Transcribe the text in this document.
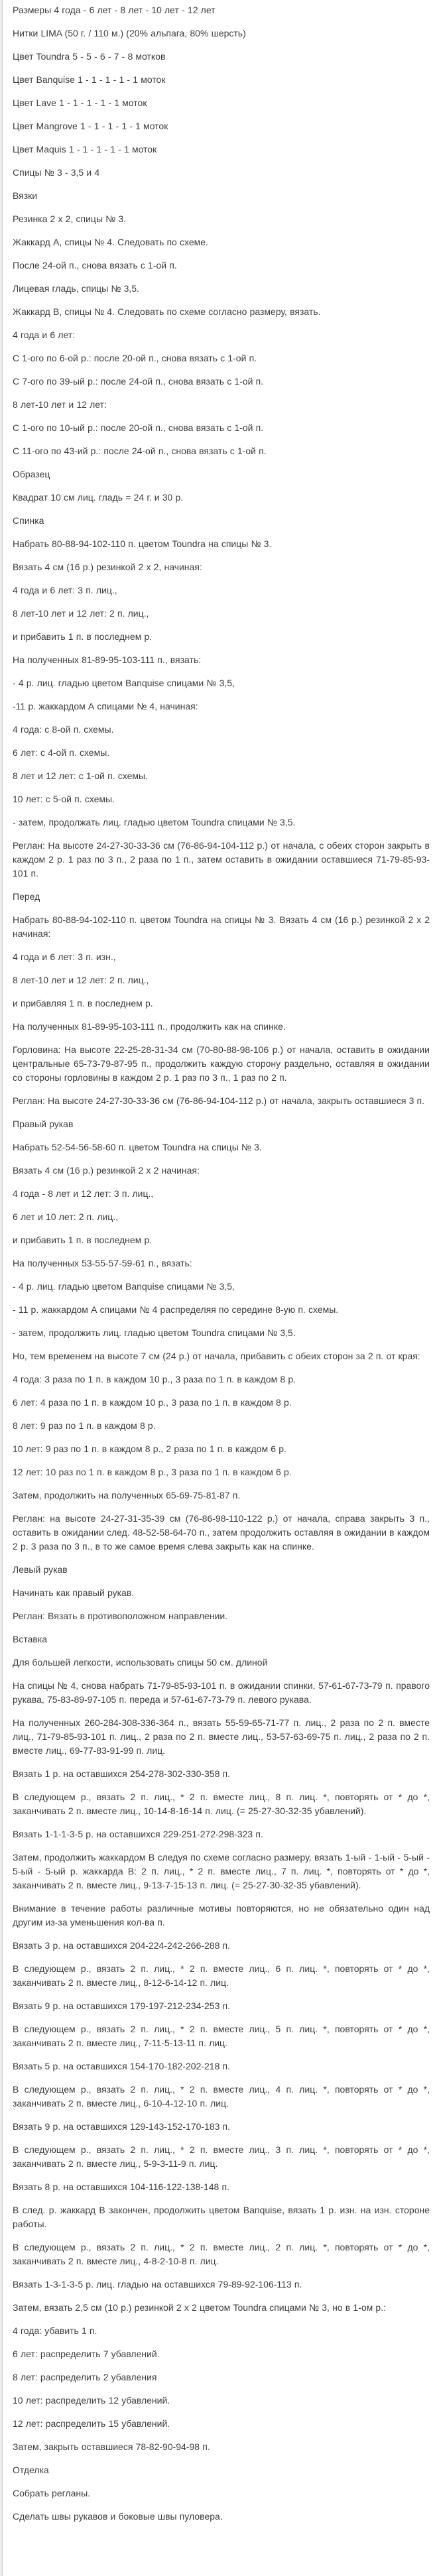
Размеры 4 года - 6 лет - 8 лет - 10 лет - 12 лет

Нитки LIMA (50 г. / 110 м.) (20% альпага, 80% шерсть)

Цвет Toundra 5 - 5 - 6 - 7 - 8 мотков

Цвет Banquise 1 - 1 - 1 - 1 - 1 моток

Цвет Lave 1 - 1 - 1 - 1 - 1 моток

Цвет Mangrove 1 - 1 - 1 - 1 - 1 моток

Цвет Maquis 1 - 1 - 1 - 1 - 1 моток

Спицы № 3 - 3,5 и 4

Вязки

Резинка 2 х 2, спицы № 3.

Жаккард А, спицы № 4. Следовать по схеме.

После 24-ой п., снова вязать с 1-ой п.

Лицевая гладь, спицы № 3,5.

Жаккард В, спицы № 4. Следовать по схеме согласно размеру, вязать.

4 года и 6 лет:

С 1-ого по 6-ой р.: после 20-ой п., снова вязать с 1-ой п.

С 7-ого по 39-ый р.: после 24-ой п., снова вязать с 1-ой п.

8 лет-10 лет и 12 лет:

С 1-ого по 10-ый р.: после 20-ой п., снова вязать с 1-ой п.

С 11-ого по 43-ий р.: после 24-ой п., снова вязать с 1-ой п.

Образец

Квадрат 10 см лиц. гладь = 24 г. и 30 р.

Спинка

Набрать 80-88-94-102-110 п. цветом Toundra на спицы № 3.

Вязать 4 см (16 р.) резинкой 2 х 2, начиная:

4 года и 6 лет: 3 п. лиц.,

8 лет-10 лет и 12 лет: 2 п. лиц.,

и прибавить 1 п. в последнем р.

На полученных 81-89-95-103-111 п., вязать:

- 4 р. лиц. гладью цветом Banquise спицами № 3,5,

-11 р. жаккардом А спицами № 4, начиная:

4 года: с 8-ой п. схемы.

6 лет: с 4-ой п. схемы.

8 лет и 12 лет: с 1-ой п. схемы.

10 лет: с 5-ой п. схемы.

- затем, продолжать лиц. гладью цветом Toundra спицами № 3,5.

Реглан: На высоте 24-27-30-33-36 см (76-86-94-104-112 р.) от начала, с обеих сторон закрыть в каждом 2 р. 1 раз по 3 п., 2 раза по 1 п., затем оставить в ожидании оставшиеся 71-79-85-93-101 п.

Перед

Набрать 80-88-94-102-110 п. цветом Toundra на спицы № 3. Вязать 4 см (16 р.) резинкой 2 х 2 начиная:

4 года и 6 лет: 3 п. изн.,

8 лет-10 лет и 12 лет: 2 п. лиц.,

и прибавляя 1 п. в последнем р.

На полученных 81-89-95-103-111 п., продолжить как на спинке.

Горловина: На высоте 22-25-28-31-34 см (70-80-88-98-106 р.) от начала, оставить в ожидании центральные 65-73-79-87-95 п., продолжить каждую сторону раздельно, оставляя в ожидании со стороны горловины в каждом 2 р. 1 раз по 3 п., 1 раз по 2 п.

Реглан: На высоте 24-27-30-33-36 см (76-86-94-104-112 р.) от начала, закрыть оставшиеся 3 п.

Правый рукав

Набрать 52-54-56-58-60 п. цветом Toundra на спицы № 3.

Вязать 4 см (16 р.) резинкой 2 х 2 начиная:

4 года - 8 лет и 12 лет: 3 п. лиц.,

6 лет и 10 лет: 2 п. лиц.,

и прибавить 1 п. в последнем р.

На полученных 53-55-57-59-61 п., вязать:

- 4 р. лиц. гладью цветом Banquise спицами № 3,5,

- 11 р. жаккардом А спицами № 4 распределяя по середине 8-ую п. схемы.

- затем, продолжить лиц. гладью цветом Toundra спицами № 3,5.

Но, тем временем на высоте 7 см (24 р.) от начала, прибавить с обеих сторон за 2 п. от края:

4 года: 3 раза по 1 п. в каждом 10 р., 3 раза по 1 п. в каждом 8 р.

6 лет: 4 раза по 1 п. в каждом 10 р., 3 раза по 1 п. в каждом 8 р.

8 лет: 9 раз по 1 п. в каждом 8 р.

10 лет: 9 раз по 1 п. в каждом 8 р., 2 раза по 1 п. в каждом 6 р.

12 лет: 10 раз по 1 п. в каждом 8 р., 3 раза по 1 п. в каждом 6 р.

Затем, продолжить на полученных 65-69-75-81-87 п.

Реглан: на высоте 24-27-31-35-39 см (76-86-98-110-122 р.) от начала, справа закрыть 3 п., оставить в ожидании след. 48-52-58-64-70 п., затем продолжить оставляя в ожидании в каждом 2 р. 3 раза по 3 п., в то же самое время слева закрыть как на спинке.

Левый рукав

Начинать как правый рукав.

Реглан: Вязать в противоположном направлении.

Вставка

Для большей легкости, использовать спицы 50 см. длиной

На спицы № 4, снова набрать 71-79-85-93-101 п. в ожидании спинки, 57-61-67-73-79 п. правого рукава, 75-83-89-97-105 п. переда и 57-61-67-73-79 п. левого рукава.

На полученных 260-284-308-336-364 п., вязать 55-59-65-71-77 п. лиц., 2 раза по 2 п. вместе лиц., 71-79-85-93-101 п. лиц., 2 раза по 2 п. вместе лиц., 53-57-63-69-75 п. лиц., 2 раза по 2 п. вместе лиц., 69-77-83-91-99 п. лиц.

Вязать 1 р. на оставшихся 254-278-302-330-358 п.

В следующем р., вязать 2 п. лиц., * 2 п. вместе лиц., 8 п. лиц. *, повторять от * до *, заканчивать 2 п. вместе лиц., 10-14-8-16-14 п. лиц. (= 25-27-30-32-35 убавлений).

Вязать 1-1-1-3-5 р. на оставшихся 229-251-272-298-323 п.

Затем, продолжить жаккардом В следуя по схеме согласно размеру, вязать 1-ый - 1-ый - 5-ый - 5-ый - 5-ый р. жаккарда В: 2 п. лиц., * 2 п. вместе лиц., 7 п. лиц. *, повторять от * до *, заканчивать 2 п. вместе лиц., 9-13-7-15-13 п. лиц. (= 25-27-30-32-35 убавлений).

Внимание в течение работы различные мотивы повторяются, но не обязательно один над другим из-за уменьшения кол-ва п.

Вязать 3 р. на оставшихся 204-224-242-266-288 п.

В следующем р., вязать 2 п. лиц., * 2 п. вместе лиц., 6 п. лиц. *, повторять от * до *, заканчивать 2 п. вместе лиц., 8-12-6-14-12 п. лиц.

Вязать 9 р. на оставшихся 179-197-212-234-253 п.

В следующем р., вязать 2 п. лиц., * 2 п. вместе лиц., 5 п. лиц. *, повторять от * до *, заканчивать 2 п. вместе лиц., 7-11-5-13-11 п. лиц.

Вязать 5 р. на оставшихся 154-170-182-202-218 п.

В следующем р., вязать 2 п. лиц., * 2 п. вместе лиц., 4 п. лиц. *, повторять от * до *, заканчивать 2 п. вместе лиц., 6-10-4-12-10 п. лиц.

Вязать 9 р. на оставшихся 129-143-152-170-183 п.

В следующем р., вязать 2 п. лиц., * 2 п. вместе лиц., 3 п. лиц. *, повторять от * до *, заканчивать 2 п. вместе лиц., 5-9-3-11-9 п. лиц.

Вязать 8 р. на оставшихся 104-116-122-138-148 п.

В след. р. жаккард В закончен, продолжить цветом Banquise, вязать 1 р. изн. на изн. стороне работы.

В следующем р., вязать 2 п. лиц., * 2 п. вместе лиц., 2 п. лиц. *, повторять от * до *, заканчивать 2 п. вместе лиц., 4-8-2-10-8 п. лиц.

Вязать 1-3-1-3-5 р. лиц. гладью на оставшихся 79-89-92-106-113 п.

Затем, вязать 2,5 см (10 р.) резинкой 2 х 2 цветом Toundra спицами № 3, но в 1-ом р.:

4 года: убавить 1 п.

6 лет: распределить 7 убавлений.

8 лет: распределить 2 убавления

10 лет: распределить 12 убавлений.

12 лет: распределить 15 убавлений.

Затем, закрыть оставшиеся 78-82-90-94-98 п.

Отделка

Собрать регланы.

Сделать швы рукавов и боковые швы пуловера.
